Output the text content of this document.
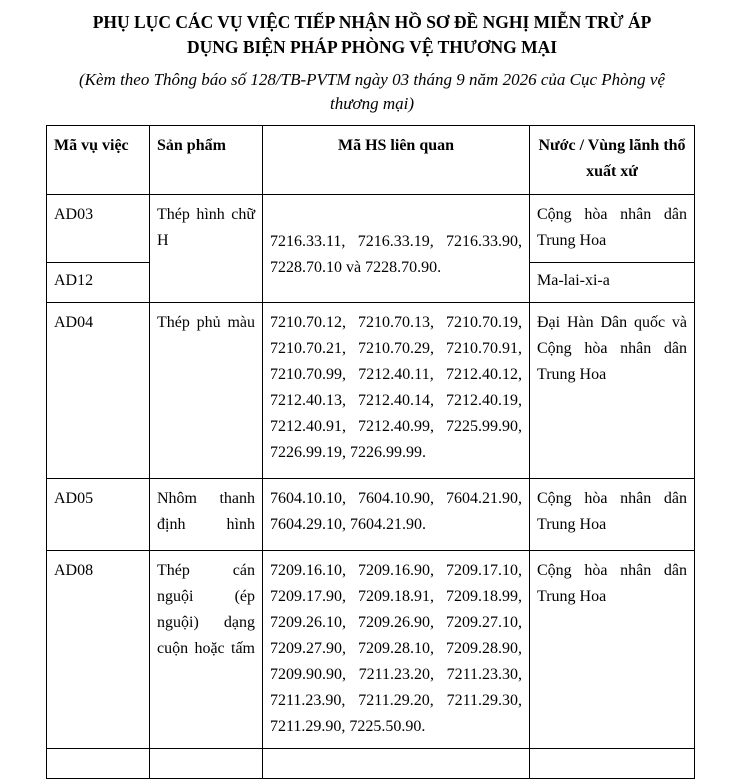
PHỤ LỤC CÁC VỤ VIỆC TIẾP NHẬN HỒ SƠ ĐỀ NGHỊ MIỄN TRỪ ÁP
DỤNG BIỆN PHÁP PHÒNG VỆ THƯƠNG MẠI
(Kèm theo Thông báo số 128/TB-PVTM ngày 03 tháng 9 năm 2026 của Cục Phòng vệ
thương mại)
Mã vụ việc	Sản phẩm	Mã HS liên quan	Nước / Vùng lãnh thổ xuất xứ
AD03	Thép hình chữ H	7216.33.11, 7216.33.19, 7216.33.90, 7228.70.10 và 7228.70.90.	Cộng hòa nhân dân Trung Hoa
AD12			Ma-lai-xi-a
AD04	Thép phủ màu	7210.70.12, 7210.70.13, 7210.70.19, 7210.70.21, 7210.70.29, 7210.70.91, 7210.70.99, 7212.40.11, 7212.40.12, 7212.40.13, 7212.40.14, 7212.40.19, 7212.40.91, 7212.40.99, 7225.99.90, 7226.99.19, 7226.99.99.	Đại Hàn Dân quốc và Cộng hòa nhân dân Trung Hoa
AD05	Nhôm thanh định hình	7604.10.10, 7604.10.90, 7604.21.90, 7604.29.10, 7604.21.90.	Cộng hòa nhân dân Trung Hoa
AD08	Thép cán nguội (ép nguội) dạng cuộn hoặc tấm	7209.16.10, 7209.16.90, 7209.17.10, 7209.17.90, 7209.18.91, 7209.18.99, 7209.26.10, 7209.26.90, 7209.27.10, 7209.27.90, 7209.28.10, 7209.28.90, 7209.90.90, 7211.23.20, 7211.23.30, 7211.23.90, 7211.29.20, 7211.29.30, 7211.29.90, 7225.50.90.	Cộng hòa nhân dân Trung Hoa
